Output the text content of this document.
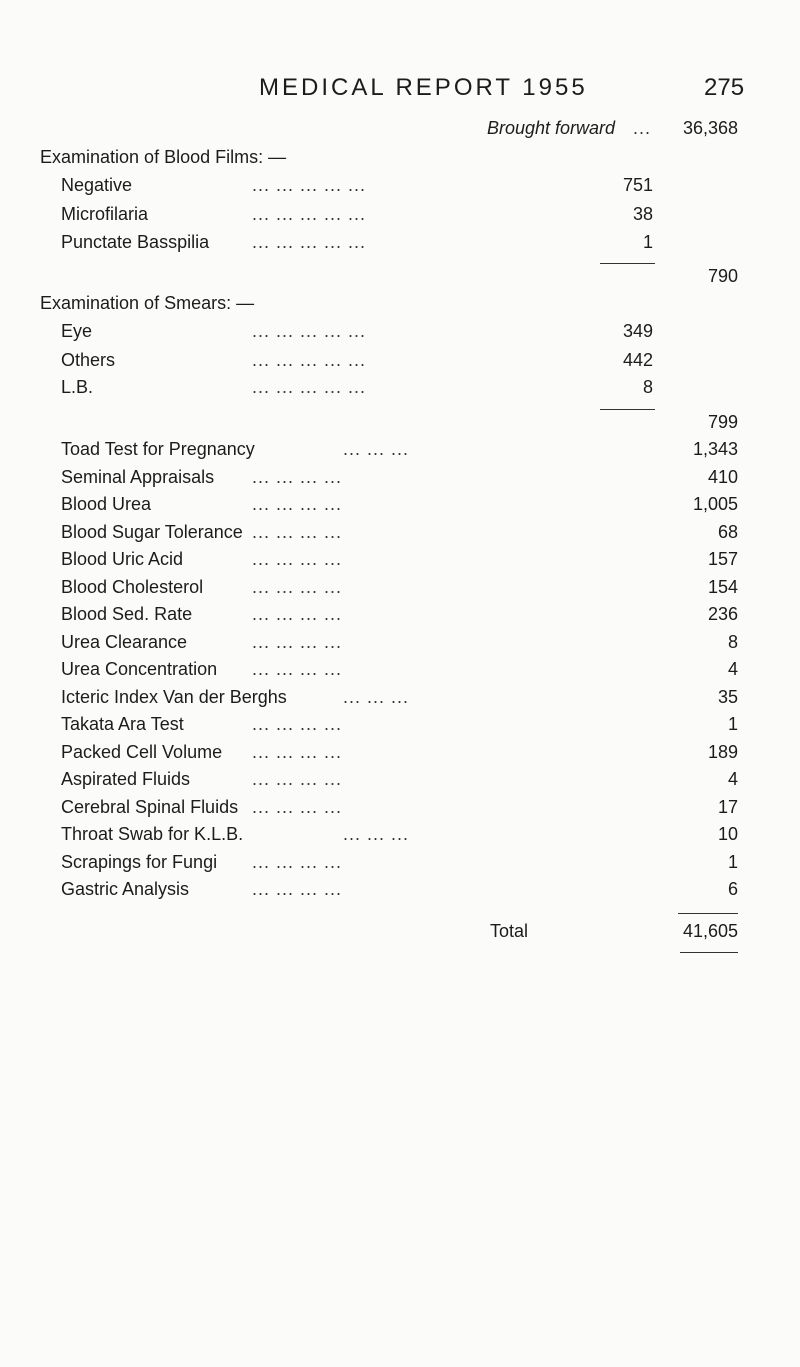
MEDICAL REPORT 1955	275
Brought forward ... 36,368
Examination of Blood Films: —
Negative	... ... ... ... ...	751
Microfilaria	... ... ... ... ...	38
Punctate Basspilia ... ... ... ... ...	1
790
Examination of Smears: —
Eye	... ... ... ... ...	349
Others	... ... ... ... ...	442
L.B.	... ... ... ... ...	8
799
Toad Test for Pregnancy	... ... ...	1,343
Seminal Appraisals ... ... ... ...	410
Blood Urea	... ... ... ...	1,005
Blood Sugar Tolerance ... ... ... ...	68
Blood Uric Acid	... ... ... ...	157
Blood Cholesterol	... ... ... ...	154
Blood Sed. Rate	... ... ... ...	236
Urea Clearance	... ... ... ...	8
Urea Concentration ... ... ... ...	4
Icteric Index Van der Berghs	... ... ...	35
Takata Ara Test	... ... ... ...	1
Packed Cell Volume ... ... ... ...	189
Aspirated Fluids	... ... ... ...	4
Cerebral Spinal Fluids ... ... ... ...	17
Throat Swab for K.L.B.	... ... ...	10
Scrapings for Fungi ... ... ... ...	1
Gastric Analysis	... ... ... ...	6
Total	41,605
